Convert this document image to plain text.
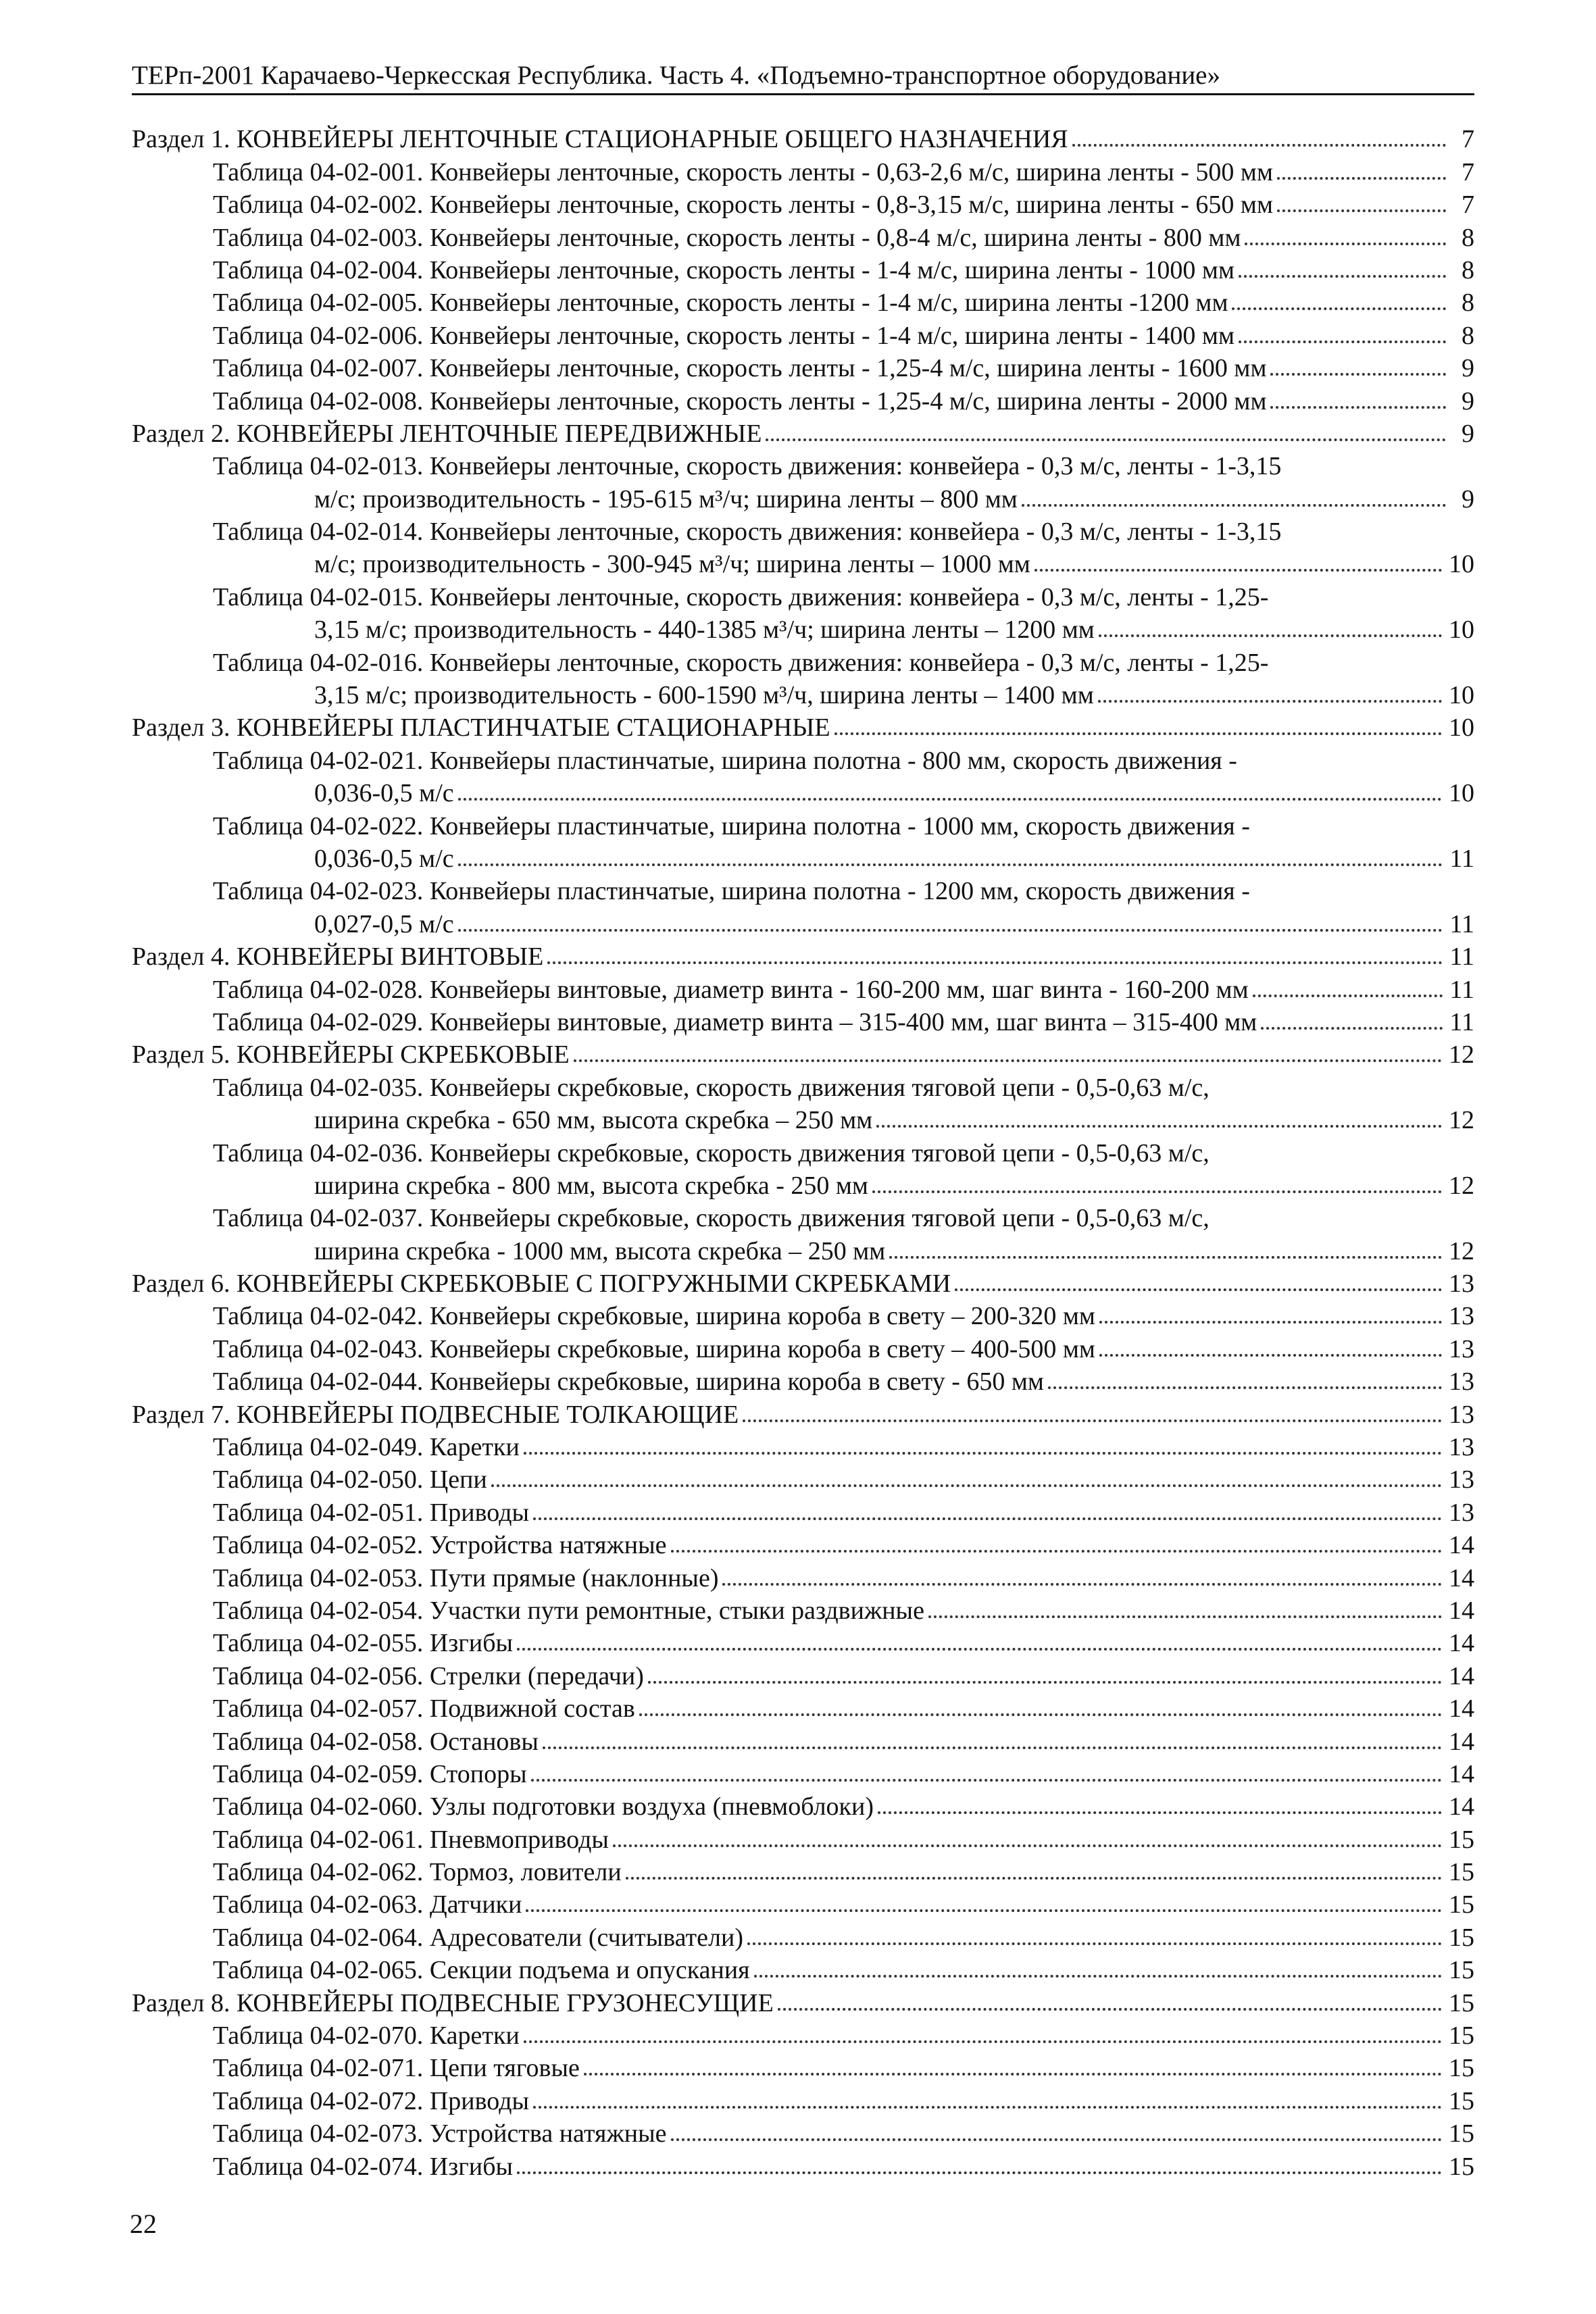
ТЕРп-2001 Карачаево-Черкесская Республика. Часть 4. «Подъемно-транспортное оборудование»
Раздел 1. КОНВЕЙЕРЫ ЛЕНТОЧНЫЕ СТАЦИОНАРНЫЕ ОБЩЕГО НАЗНАЧЕНИЯ	7
Таблица 04-02-001. Конвейеры ленточные, скорость ленты - 0,63-2,6 м/с, ширина ленты - 500 мм	7
Таблица 04-02-002. Конвейеры ленточные, скорость ленты - 0,8-3,15 м/с, ширина ленты - 650 мм	7
Таблица 04-02-003. Конвейеры ленточные, скорость ленты - 0,8-4 м/с, ширина ленты - 800 мм	8
Таблица 04-02-004. Конвейеры ленточные, скорость ленты - 1-4 м/с, ширина ленты - 1000 мм	8
Таблица 04-02-005. Конвейеры ленточные, скорость ленты - 1-4 м/с, ширина ленты -1200 мм	8
Таблица 04-02-006. Конвейеры ленточные, скорость ленты - 1-4 м/с, ширина ленты - 1400 мм	8
Таблица 04-02-007. Конвейеры ленточные, скорость ленты - 1,25-4 м/с, ширина ленты - 1600 мм	9
Таблица 04-02-008. Конвейеры ленточные, скорость ленты - 1,25-4 м/с, ширина ленты - 2000 мм	9
Раздел 2. КОНВЕЙЕРЫ ЛЕНТОЧНЫЕ ПЕРЕДВИЖНЫЕ	9
Таблица 04-02-013. Конвейеры ленточные, скорость движения: конвейера - 0,3 м/с, ленты - 1-3,15
м/с; производительность - 195-615 м³/ч; ширина ленты – 800 мм	9
Таблица 04-02-014. Конвейеры ленточные, скорость движения: конвейера - 0,3 м/с, ленты - 1-3,15
м/с; производительность - 300-945 м³/ч; ширина ленты – 1000 мм	10
Таблица 04-02-015. Конвейеры ленточные, скорость движения: конвейера - 0,3 м/с, ленты - 1,25-
3,15 м/с; производительность - 440-1385 м³/ч; ширина ленты – 1200 мм	10
Таблица 04-02-016. Конвейеры ленточные, скорость движения: конвейера - 0,3 м/с, ленты - 1,25-
3,15 м/с; производительность - 600-1590 м³/ч, ширина ленты – 1400 мм	10
Раздел 3. КОНВЕЙЕРЫ ПЛАСТИНЧАТЫЕ СТАЦИОНАРНЫЕ	10
Таблица 04-02-021. Конвейеры пластинчатые, ширина полотна - 800 мм, скорость движения -
0,036-0,5 м/с	10
Таблица 04-02-022. Конвейеры пластинчатые, ширина полотна - 1000 мм, скорость движения -
0,036-0,5 м/с	11
Таблица 04-02-023. Конвейеры пластинчатые, ширина полотна - 1200 мм, скорость движения -
0,027-0,5 м/с	11
Раздел 4. КОНВЕЙЕРЫ ВИНТОВЫЕ	11
Таблица 04-02-028. Конвейеры винтовые, диаметр винта - 160-200 мм, шаг винта - 160-200 мм	11
Таблица 04-02-029. Конвейеры винтовые, диаметр винта – 315-400 мм, шаг винта – 315-400 мм	11
Раздел 5. КОНВЕЙЕРЫ СКРЕБКОВЫЕ	12
Таблица 04-02-035. Конвейеры скребковые, скорость движения тяговой цепи - 0,5-0,63 м/с,
ширина скребка - 650 мм, высота скребка – 250 мм	12
Таблица 04-02-036. Конвейеры скребковые, скорость движения тяговой цепи - 0,5-0,63 м/с,
ширина скребка - 800 мм, высота скребка - 250 мм	12
Таблица 04-02-037. Конвейеры скребковые, скорость движения тяговой цепи - 0,5-0,63 м/с,
ширина скребка - 1000 мм, высота скребка – 250 мм	12
Раздел 6. КОНВЕЙЕРЫ СКРЕБКОВЫЕ С ПОГРУЖНЫМИ СКРЕБКАМИ	13
Таблица 04-02-042. Конвейеры скребковые, ширина короба в свету – 200-320 мм	13
Таблица 04-02-043. Конвейеры скребковые, ширина короба в свету – 400-500 мм	13
Таблица 04-02-044. Конвейеры скребковые, ширина короба в свету - 650 мм	13
Раздел 7. КОНВЕЙЕРЫ ПОДВЕСНЫЕ ТОЛКАЮЩИЕ	13
Таблица 04-02-049. Каретки	13
Таблица 04-02-050. Цепи	13
Таблица 04-02-051. Приводы	13
Таблица 04-02-052. Устройства натяжные	14
Таблица 04-02-053. Пути прямые (наклонные)	14
Таблица 04-02-054. Участки пути ремонтные, стыки раздвижные	14
Таблица 04-02-055. Изгибы	14
Таблица 04-02-056. Стрелки (передачи)	14
Таблица 04-02-057. Подвижной состав	14
Таблица 04-02-058. Остановы	14
Таблица 04-02-059. Стопоры	14
Таблица 04-02-060. Узлы подготовки воздуха (пневмоблоки)	14
Таблица 04-02-061. Пневмоприводы	15
Таблица 04-02-062. Тормоз, ловители	15
Таблица 04-02-063. Датчики	15
Таблица 04-02-064. Адресователи (считыватели)	15
Таблица 04-02-065. Секции подъема и опускания	15
Раздел 8. КОНВЕЙЕРЫ ПОДВЕСНЫЕ ГРУЗОНЕСУЩИЕ	15
Таблица 04-02-070. Каретки	15
Таблица 04-02-071. Цепи тяговые	15
Таблица 04-02-072. Приводы	15
Таблица 04-02-073. Устройства натяжные	15
Таблица 04-02-074. Изгибы	15
22
